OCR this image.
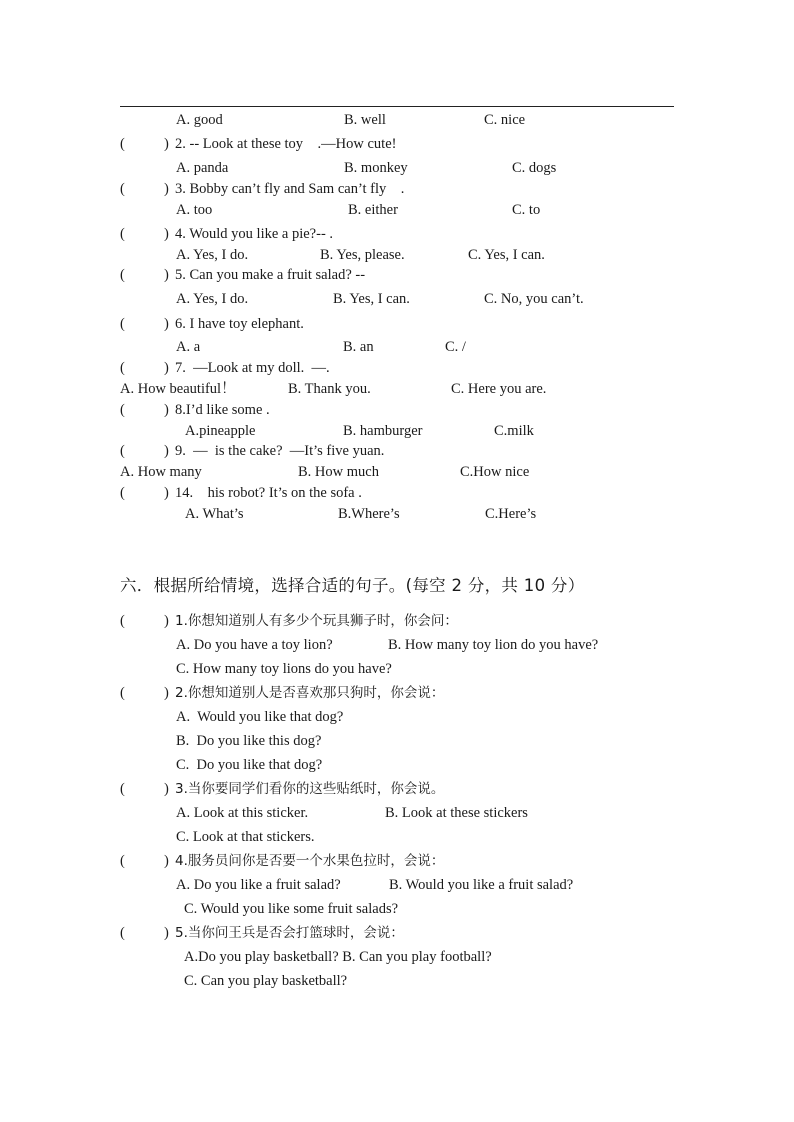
A. good	B. well	C. nice
(	) 2. -- Look at these toy    .—How cute!
A. panda	B. monkey	C. dogs
(	) 3. Bobby can’t fly and Sam can’t fly    .
A. too	B. either	C. to
(	) 4. Would you like a pie?-- .
A. Yes, I do.	B. Yes, please.	C. Yes, I can.
(	) 5. Can you make a fruit salad? --
A. Yes, I do.	B. Yes, I can.	C. No, you can’t.
(	) 6. I have toy elephant.
A. a	B. an	C. /
(	) 7.  —Look at my doll.  —.
A. How beautiful！	B. Thank you.	C. Here you are.
(	) 8.I’d like some .
A.pineapple	B. hamburger	C.milk
(	) 9.  —  is the cake?  —It’s five yuan.
A. How many	B. How much	C.How nice
(	) 14.    his robot? It’s on the sofa .
A. What’s	B.Where’s	C.Here’s
六．根据所给情境，选择合适的句子。(每空 2 分，共 10 分）
(	) 1.你想知道别人有多少个玩具狮子时，你会问：
A. Do you have a toy lion?	B. How many toy lion do you have?
C. How many toy lions do you have?
(	) 2.你想知道别人是否喜欢那只狗时，你会说：
A.  Would you like that dog?
B.  Do you like this dog?
C.  Do you like that dog?
(	) 3.当你要同学们看你的这些贴纸时，你会说。
A. Look at this sticker.	B. Look at these stickers
C. Look at that stickers.
(	) 4.服务员问你是否要一个水果色拉时，会说：
A. Do you like a fruit salad?	B. Would you like a fruit salad?
C. Would you like some fruit salads?
(	) 5.当你问王兵是否会打篮球时，会说：
A.Do you play basketball? B. Can you play football?
C. Can you play basketball?
